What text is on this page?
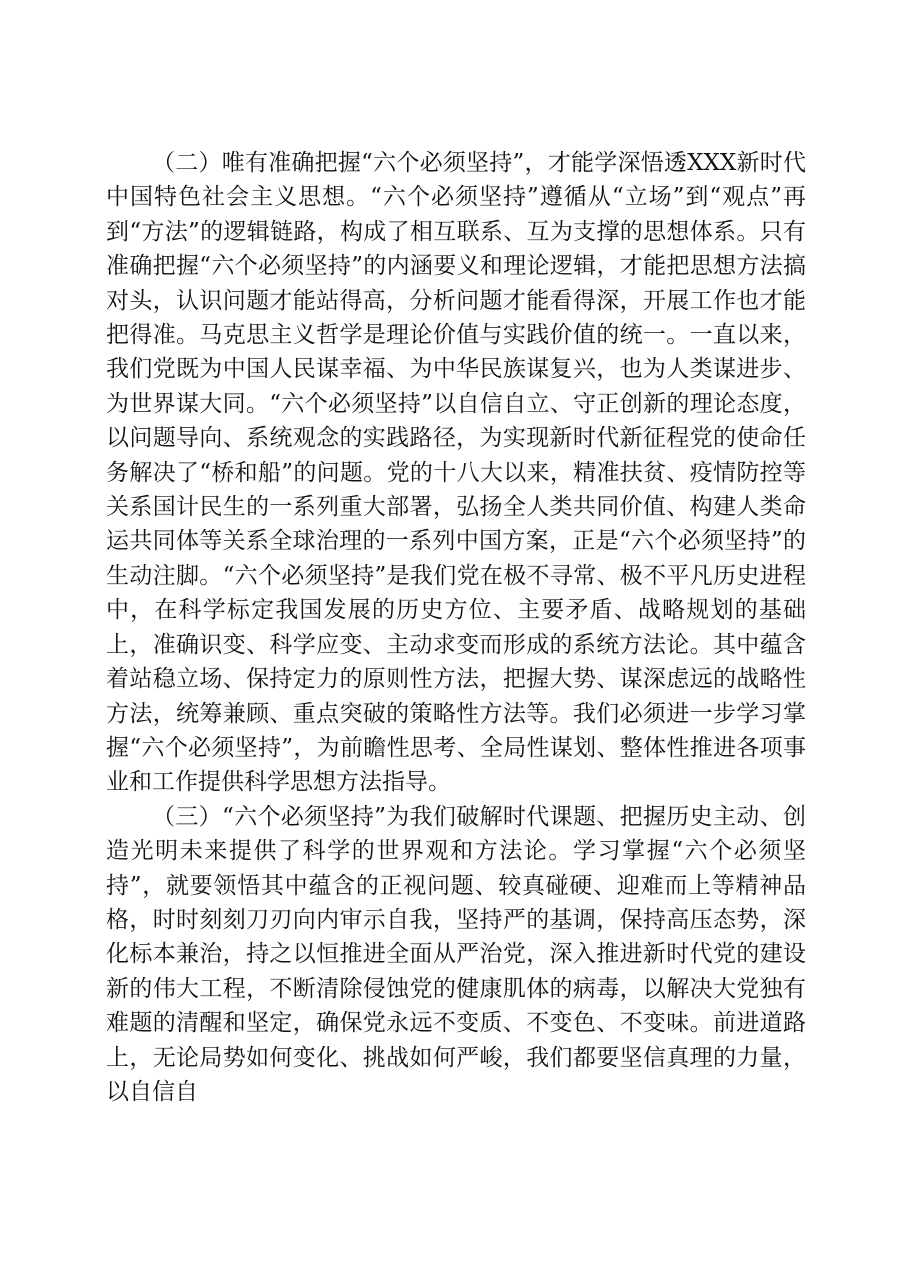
（二）唯有准确把握“六个必须坚持”，才能学深悟透XXX新时代中国特色社会主义思想。“六个必须坚持”遵循从“立场”到“观点”再到“方法”的逻辑链路，构成了相互联系、互为支撑的思想体系。只有准确把握“六个必须坚持”的内涵要义和理论逻辑，才能把思想方法搞对头，认识问题才能站得高，分析问题才能看得深，开展工作也才能把得准。马克思主义哲学是理论价值与实践价值的统一。一直以来，我们党既为中国人民谋幸福、为中华民族谋复兴，也为人类谋进步、为世界谋大同。“六个必须坚持”以自信自立、守正创新的理论态度，以问题导向、系统观念的实践路径，为实现新时代新征程党的使命任务解决了“桥和船”的问题。党的十八大以来，精准扶贫、疫情防控等关系国计民生的一系列重大部署，弘扬全人类共同价值、构建人类命运共同体等关系全球治理的一系列中国方案，正是“六个必须坚持”的生动注脚。“六个必须坚持”是我们党在极不寻常、极不平凡历史进程中，在科学标定我国发展的历史方位、主要矛盾、战略规划的基础上，准确识变、科学应变、主动求变而形成的系统方法论。其中蕴含着站稳立场、保持定力的原则性方法，把握大势、谋深虑远的战略性方法，统筹兼顾、重点突破的策略性方法等。我们必须进一步学习掌握“六个必须坚持”，为前瞻性思考、全局性谋划、整体性推进各项事业和工作提供科学思想方法指导。

（三）“六个必须坚持”为我们破解时代课题、把握历史主动、创造光明未来提供了科学的世界观和方法论。学习掌握“六个必须坚持”，就要领悟其中蕴含的正视问题、较真碰硬、迎难而上等精神品格，时时刻刻刀刃向内审示自我，坚持严的基调，保持高压态势，深化标本兼治，持之以恒推进全面从严治党，深入推进新时代党的建设新的伟大工程，不断清除侵蚀党的健康肌体的病毒，以解决大党独有难题的清醒和坚定，确保党永远不变质、不变色、不变味。前进道路上，无论局势如何变化、挑战如何严峻，我们都要坚信真理的力量，以自信自
